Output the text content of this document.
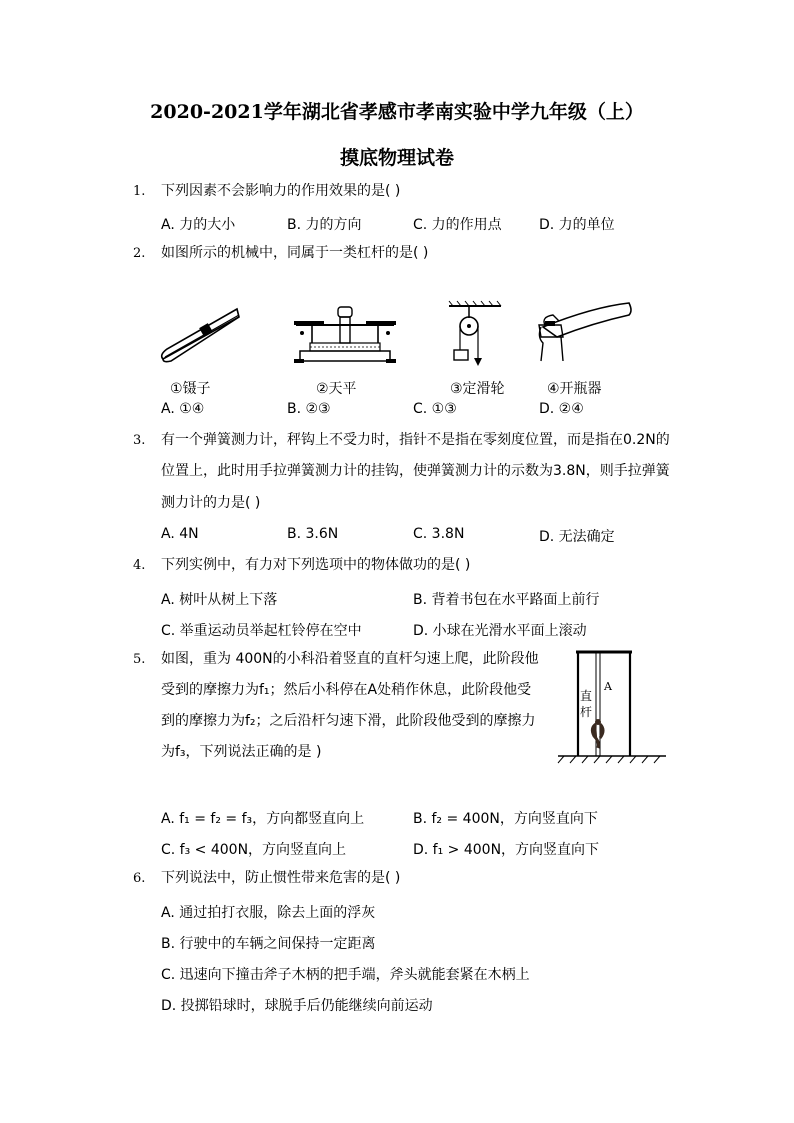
2020-2021学年湖北省孝感市孝南实验中学九年级（上）
摸底物理试卷
1. 下列因素不会影响力的作用效果的是( )
A. 力的大小	B. 力的方向	C. 力的作用点	D. 力的单位
2. 如图所示的机械中，同属于一类杠杆的是( )
①镊子	②天平	③定滑轮	④开瓶器
A. ①④	B. ②③	C. ①③	D. ②④
3. 有一个弹簧测力计，秤钩上不受力时，指针不是指在零刻度位置，而是指在0.2N的
位置上，此时用手拉弹簧测力计的挂钩，使弹簧测力计的示数为3.8N，则手拉弹簧
测力计的力是( )
A. 4N	B. 3.6N	C. 3.8N	D. 无法确定
4. 下列实例中，有力对下列选项中的物体做功的是( )
A. 树叶从树上下落	B. 背着书包在水平路面上前行
C. 举重运动员举起杠铃停在空中	D. 小球在光滑水平面上滚动
5. 如图，重为 400N的小科沿着竖直的直杆匀速上爬，此阶段他
受到的摩擦力为f₁；然后小科停在A处稍作休息，此阶段他受
到的摩擦力为f₂；之后沿杆匀速下滑，此阶段他受到的摩擦力
为f₃，下列说法正确的是 )
直
杆
A
A. f₁ = f₂ = f₃，方向都竖直向上	B. f₂ = 400N，方向竖直向下
C. f₃ < 400N，方向竖直向上	D. f₁ > 400N，方向竖直向下
6. 下列说法中，防止惯性带来危害的是( )
A. 通过拍打衣服，除去上面的浮灰
B. 行驶中的车辆之间保持一定距离
C. 迅速向下撞击斧子木柄的把手端，斧头就能套紧在木柄上
D. 投掷铅球时，球脱手后仍能继续向前运动
